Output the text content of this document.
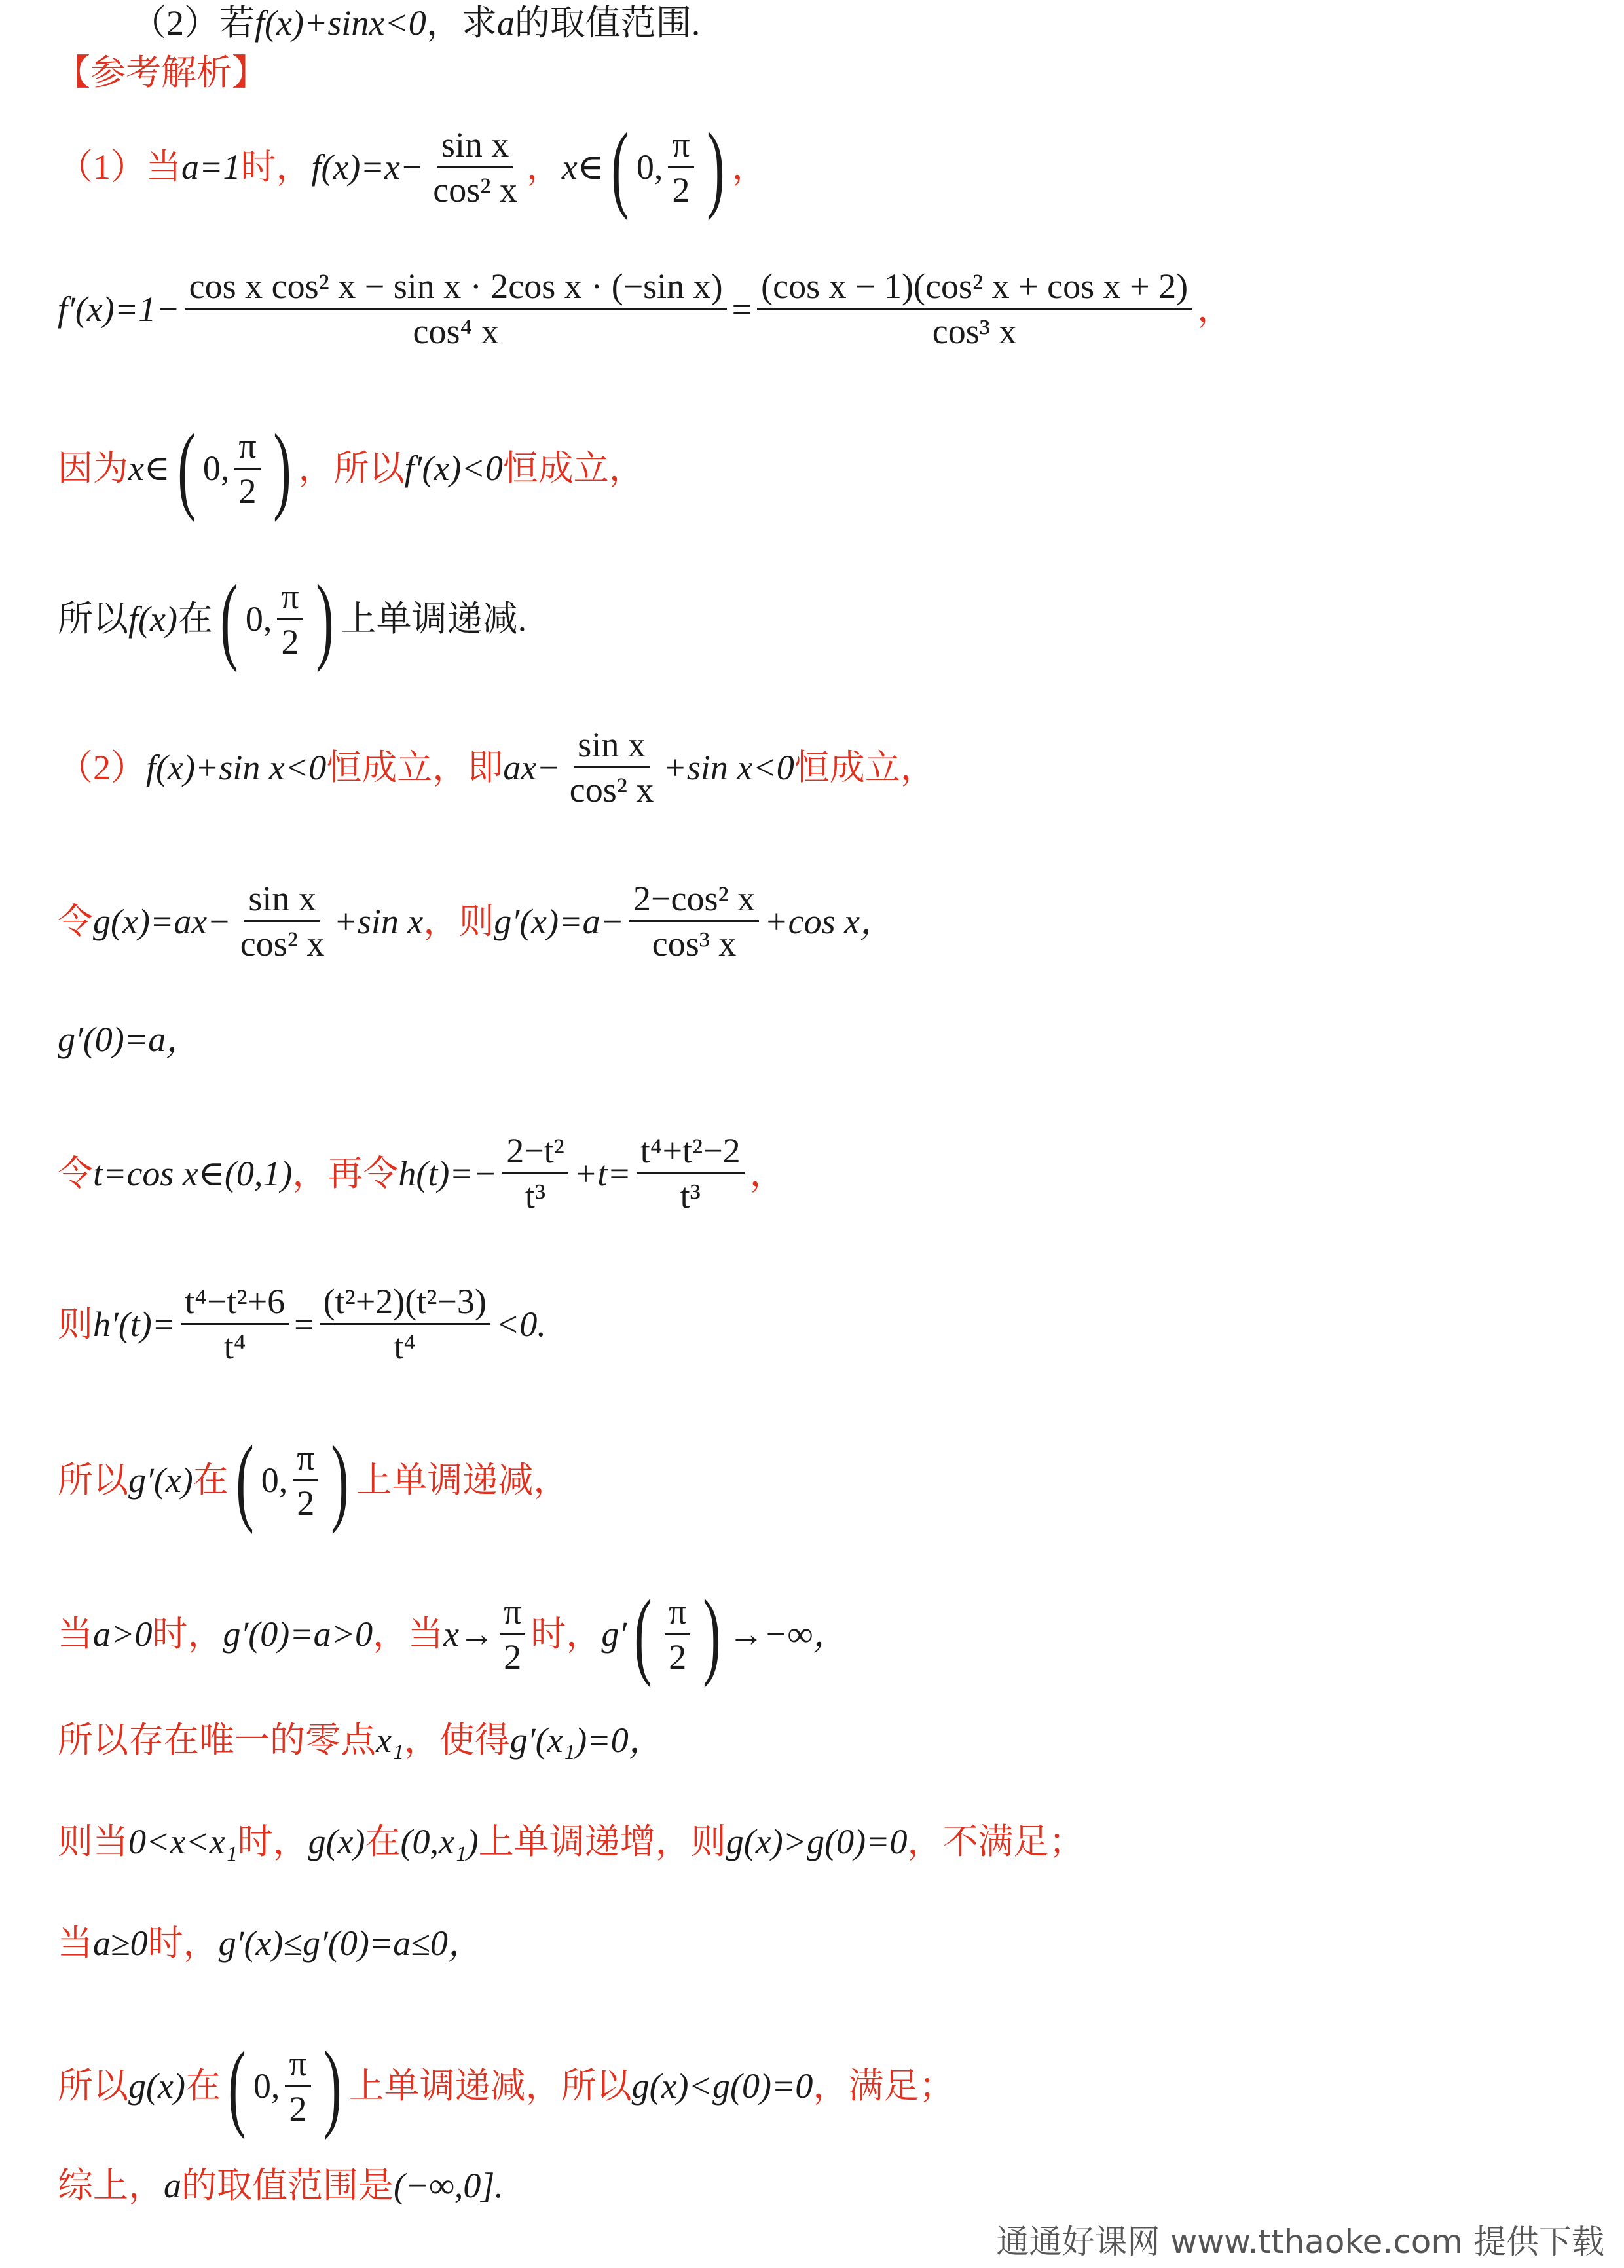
（2） 若 f(x)+sinx<0 ，求 a 的取值范围.
【参考解析】
（1）当 a=1 时， $f(x)=x- \frac{\text{sin x}}{\text{cos² x}}$ ， x∈ ( 0, $\frac{\pi}{2}$ ) ，
$f'(x)=1- \frac{\text{cos x cos² x − sin x · 2cos x · (−sin x)}}{\text{cos⁴ x}} = \frac{\text{(cos x − 1)(cos² x + cos x + 2)}}{\text{cos³ x}}$ ，
因为 x∈ ( 0, $\frac{\pi}{2}$ ) ，所以 f′(x)<0 恒成立，
所以 f(x) 在 ( 0, $\frac{\pi}{2}$ ) 上单调递减.
（2） f(x)+sin x<0 恒成立，即 $ax- \frac{\text{sin x}}{\text{cos² x}} +\sin$ x<0 恒成立，
令 $g(x)=ax- \frac{\text{sin x}}{\text{cos² x}} +\sin$ x ，则 $g'(x)=a- \frac{\text{2−cos² x}}{\text{cos³ x}} +\cos$ x，
g′(0)=a，
令 t=cos x∈(0,1) ，再令 $h(t)=- \frac{\text{2−t²}}{\text{t³}} +t= \frac{\text{t⁴+t²−2}}{\text{t³}}$ ，
则 $h'(t)= \frac{\text{t⁴−t²+6}}{\text{t⁴}} = \frac{\text{(t²+2)(t²−3)}}{\text{t⁴}} <0$.
所以 g′(x) 在 ( 0, $\frac{\pi}{2}$ ) 上单调递减，
当 a>0 时， g′(0)=a>0 ，当 $x\to \frac{\pi}{2}$ 时， g′ ( $\frac{\pi}{2}$ ) →−∞，
所以存在唯一的零点 x₁ ，使得 g′(x₁)=0，
则当 0<x<x₁ 时， g(x) 在 (0,x₁) 上单调递增，则 g(x)>g(0)=0 ，不满足；
当 a≥0 时， g′(x)≤g′(0)=a≤0，
所以 g(x) 在 ( 0, $\frac{\pi}{2}$ ) 上单调递减，所以 g(x)<g(0)=0 ，满足；
综上， a 的取值范围是 (−∞,0].
通通好课网 www.tthaoke.com 提供下载
